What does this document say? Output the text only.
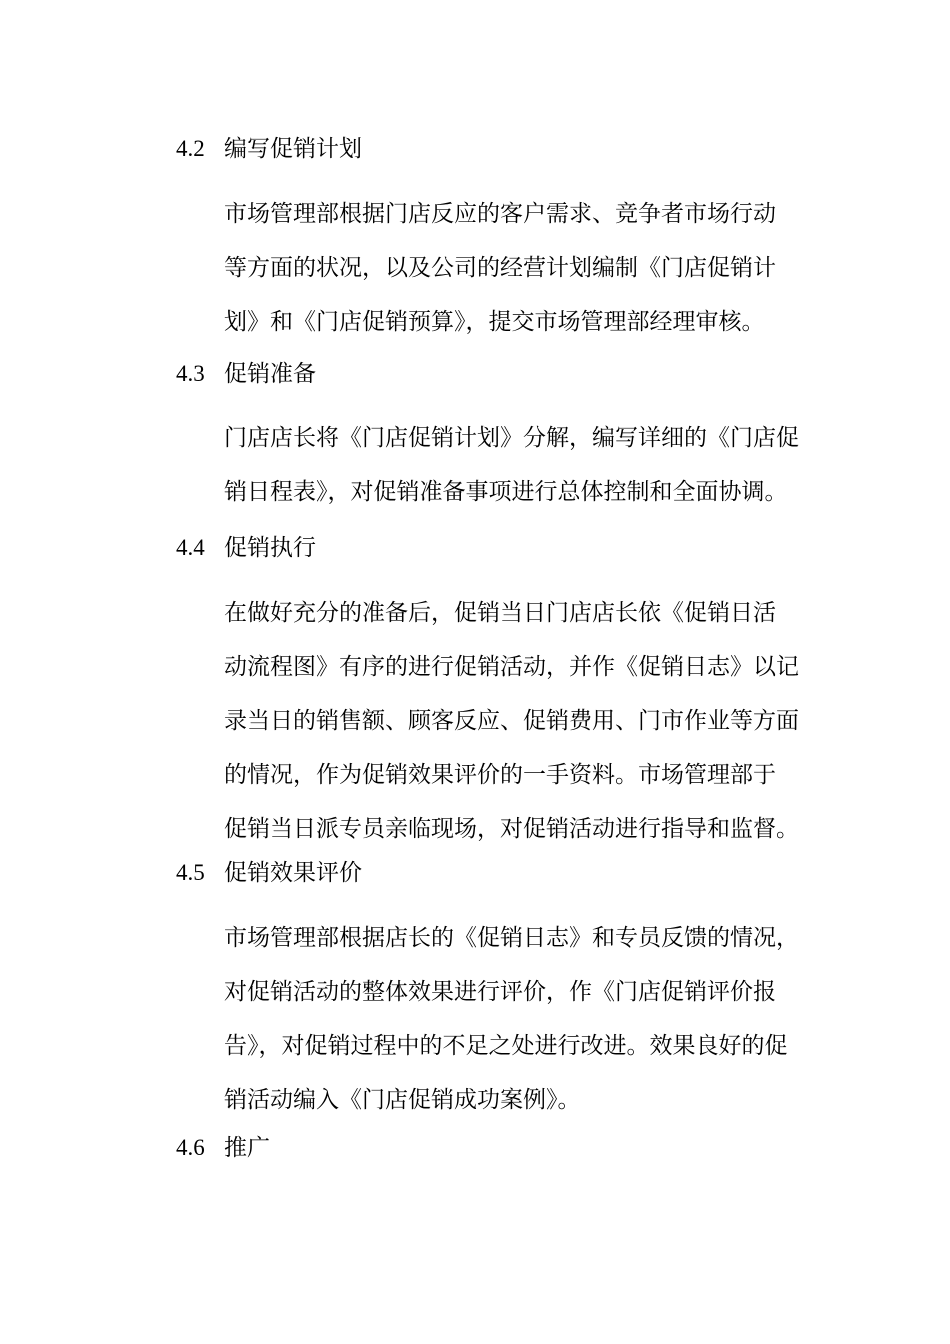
4.2 编写促销计划
市场管理部根据门店反应的客户需求、竞争者市场行动
等方面的状况，以及公司的经营计划编制《门店促销计
划》和《门店促销预算》，提交市场管理部经理审核。
4.3 促销准备
门店店长将《门店促销计划》分解，编写详细的《门店促
销日程表》，对促销准备事项进行总体控制和全面协调。
4.4 促销执行
在做好充分的准备后，促销当日门店店长依《促销日活
动流程图》有序的进行促销活动，并作《促销日志》以记
录当日的销售额、顾客反应、促销费用、门市作业等方面
的情况，作为促销效果评价的一手资料。市场管理部于
促销当日派专员亲临现场，对促销活动进行指导和监督。
4.5 促销效果评价
市场管理部根据店长的《促销日志》和专员反馈的情况，
对促销活动的整体效果进行评价，作《门店促销评价报
告》，对促销过程中的不足之处进行改进。效果良好的促
销活动编入《门店促销成功案例》。
4.6 推广
